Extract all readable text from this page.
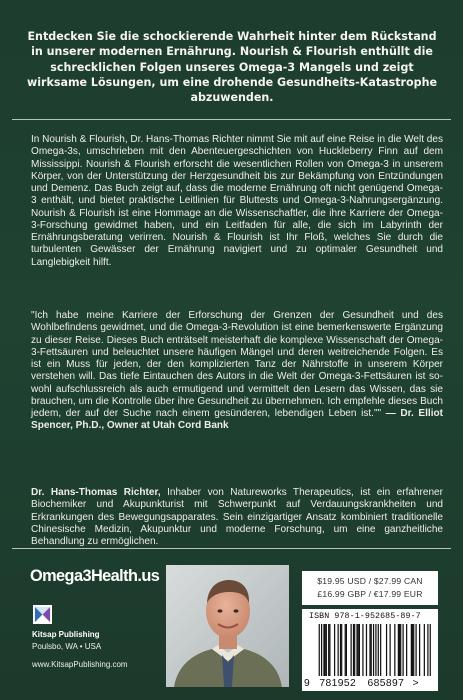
Entdecken Sie die schockierende Wahrheit hinter dem Rückstand in unserer modernen Ernährung. Nourish & Flourish enthüllt die schrecklichen Folgen unseres Omega-3 Mangels und zeigt wirksame Lösungen, um eine drohende Gesundheits-Katastrophe abzuwenden.
In Nourish & Flourish, Dr. Hans-Thomas Richter nimmt Sie mit auf eine Reise in die Welt des Omega-3s, umschrieben mit den Abenteuergeschichten von Huckleberry Finn auf dem Mississippi. Nourish & Flourish erforscht die wesentlichen Rollen von Omega-3 in unserem Körper, von der Unterstützung der Herzgesundheit bis zur Bekämpfung von Entzündungen und Demenz. Das Buch zeigt auf, dass die moderne Ernährung oft nicht genügend Omega-3 enthält, und bietet praktische Leitlinien für Bluttests und Omega-3-Nahrungsergänzung. Nourish & Flourish ist eine Hommage an die Wissenschaftler, die ihre Karriere der Omega-3-Forschung gewidmet haben, und ein Leitfaden für alle, die sich im Labyrinth der Ernährungsberatung verirren. Nourish & Flourish ist Ihr Floß, welches Sie durch die turbulenten Gewässer der Ernährung navigiert und zu optimaler Gesundheit und Langlebigkeit hilft.
"Ich habe meine Karriere der Erforschung der Grenzen der Gesundheit und des Wohlbefindens gewidmet, und die Omega-3-Revolution ist eine bemerkenswerte Ergänzung zu dieser Reise. Dieses Buch enträtselt meisterhaft die komplexe Wissenschaft der Omega-3-Fettsäuren und beleuchtet unsere häufigen Mängel und deren weitreichende Folgen. Es ist ein Muss für jeden, der den komplizierten Tanz der Nährstoffe in unserem Körper verstehen will. Das tiefe Eintauchen des Autors in die Welt der Omega-3-Fettsäuren ist sowohl aufschlussreich als auch ermutigend und vermittelt den Lesern das Wissen, das sie brauchen, um die Kontrolle über ihre Gesundheit zu übernehmen. Ich empfehle dieses Buch jedem, der auf der Suche nach einem gesünderen, lebendigen Leben ist."" — Dr. Elliot Spencer, Ph.D., Owner at Utah Cord Bank
Dr. Hans-Thomas Richter, Inhaber von Natureworks Therapeutics, ist ein erfahrener Biochemiker und Akupunkturist mit Schwerpunkt auf Verdauungskrankheiten und Erkrankungen des Bewegungsapparates. Sein einzigartiger Ansatz kombiniert traditionelle Chinesische Medizin, Akupunktur und moderne Forschung, um eine ganzheitliche Behandlung zu ermöglichen.
Omega3Health.us
Kitsap Publishing
Poulsbo, WA • USA
www.KitsapPublishing.com
$19.95 USD / $27.99 CAN
£16.99 GBP / €17.99 EUR
ISBN 978-1-952685-89-7
9 781952 685897 >
